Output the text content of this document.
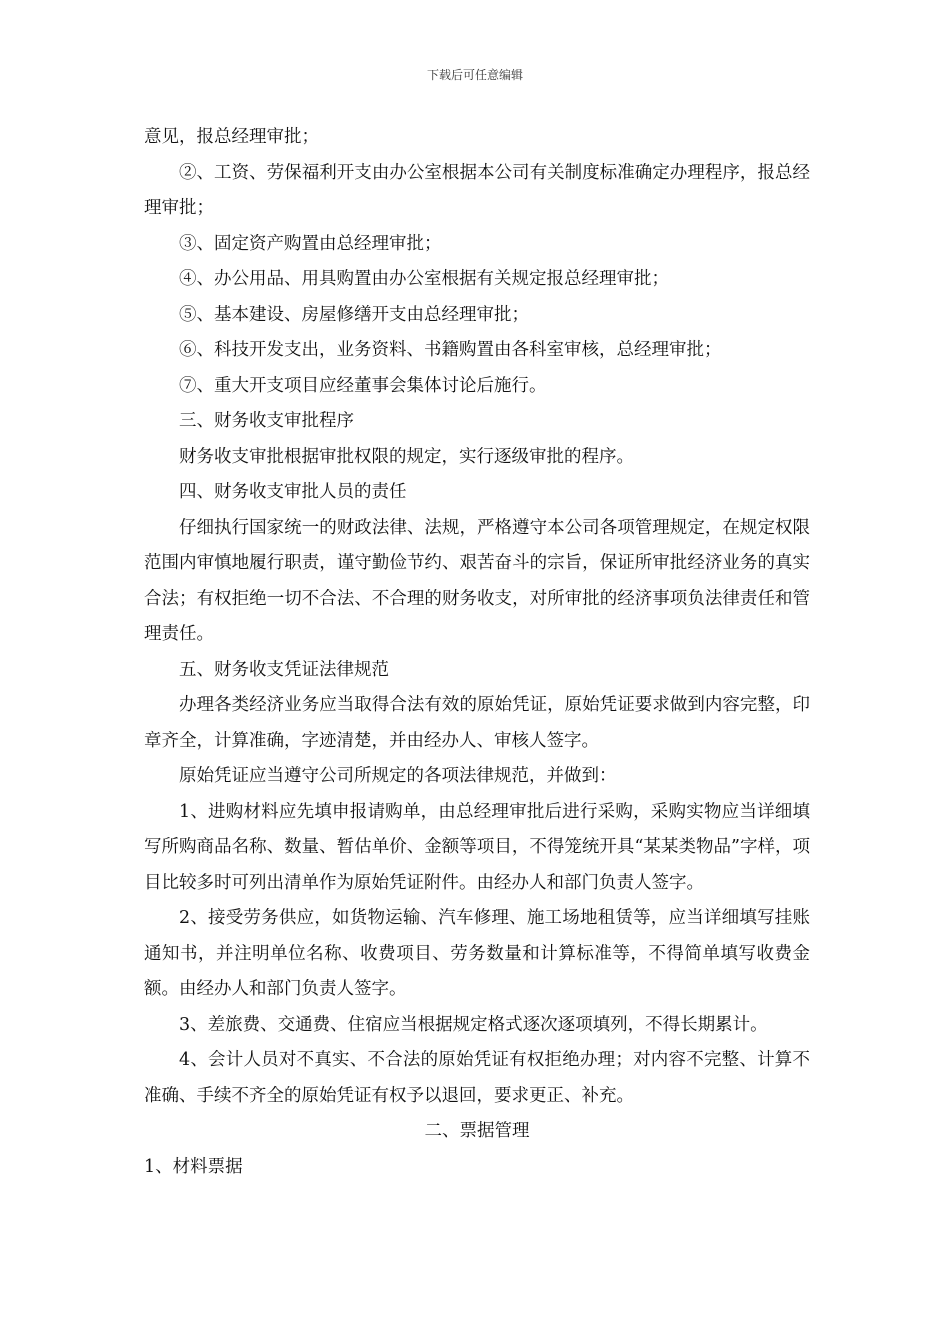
下载后可任意编辑

意见，报总经理审批；

②、工资、劳保福利开支由办公室根据本公司有关制度标准确定办理程序，报总经理审批；

③、固定资产购置由总经理审批；

④、办公用品、用具购置由办公室根据有关规定报总经理审批；

⑤、基本建设、房屋修缮开支由总经理审批；

⑥、科技开发支出，业务资料、书籍购置由各科室审核，总经理审批；

⑦、重大开支项目应经董事会集体讨论后施行。

三、财务收支审批程序

财务收支审批根据审批权限的规定，实行逐级审批的程序。

四、财务收支审批人员的责任

仔细执行国家统一的财政法律、法规，严格遵守本公司各项管理规定，在规定权限范围内审慎地履行职责，谨守勤俭节约、艰苦奋斗的宗旨，保证所审批经济业务的真实合法；有权拒绝一切不合法、不合理的财务收支，对所审批的经济事项负法律责任和管理责任。

五、财务收支凭证法律规范

办理各类经济业务应当取得合法有效的原始凭证，原始凭证要求做到内容完整，印章齐全，计算准确，字迹清楚，并由经办人、审核人签字。

原始凭证应当遵守公司所规定的各项法律规范，并做到：

1、进购材料应先填申报请购单，由总经理审批后进行采购，采购实物应当详细填写所购商品名称、数量、暂估单价、金额等项目，不得笼统开具“某某类物品”字样，项目比较多时可列出清单作为原始凭证附件。由经办人和部门负责人签字。

2、接受劳务供应，如货物运输、汽车修理、施工场地租赁等，应当详细填写挂账通知书，并注明单位名称、收费项目、劳务数量和计算标准等，不得简单填写收费金额。由经办人和部门负责人签字。

3、差旅费、交通费、住宿应当根据规定格式逐次逐项填列，不得长期累计。

4、会计人员对不真实、不合法的原始凭证有权拒绝办理；对内容不完整、计算不准确、手续不齐全的原始凭证有权予以退回，要求更正、补充。

二、票据管理

1、材料票据
